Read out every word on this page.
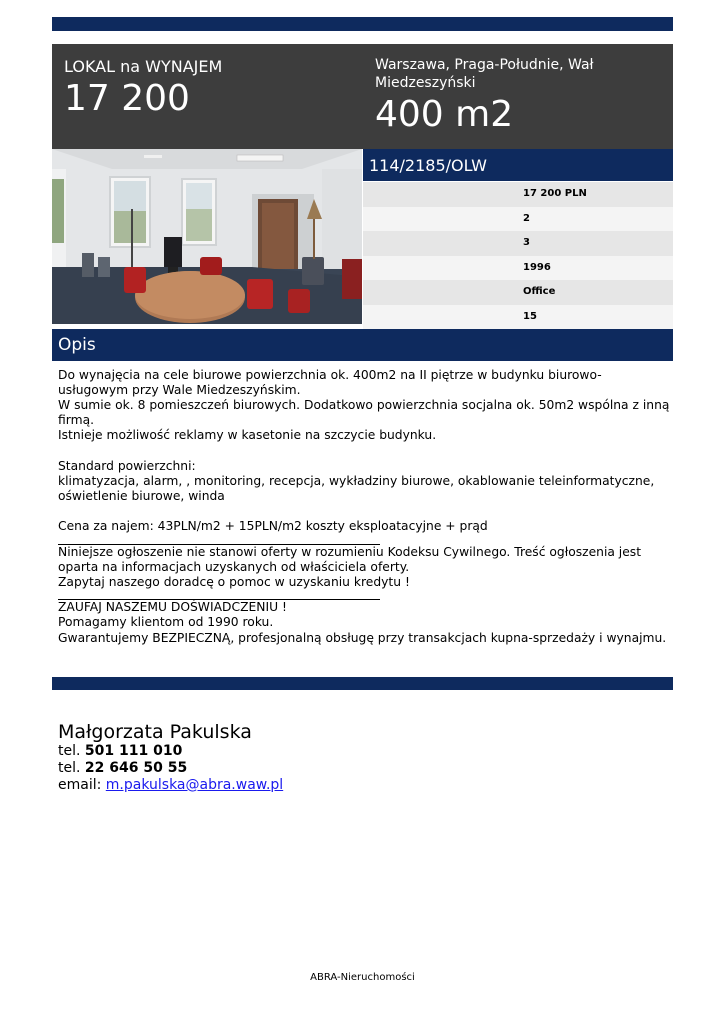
LOKAL na WYNAJEM
17 200
Warszawa, Praga-Południe, Wał Miedzeszyński
400 m2
114/2185/OLW
17 200 PLN
2
3
1996
Office
15
Opis

Do wynajęcia na cele biurowe powierzchnia ok. 400m2 na II piętrze w budynku biurowo-usługowym przy Wale Miedzeszyńskim.

W sumie ok. 8 pomieszczeń biurowych. Dodatkowo powierzchnia socjalna ok. 50m2 wspólna z inną firmą.

Istnieje możliwość reklamy w kasetonie na szczycie budynku.

Standard powierzchni:

klimatyzacja, alarm, , monitoring, recepcja, wykładziny biurowe, okablowanie teleinformatyczne, oświetlenie biurowe, winda

Cena za najem: 43PLN/m2 + 15PLN/m2 koszty eksploatacyjne + prąd

Niniejsze ogłoszenie nie stanowi oferty w rozumieniu Kodeksu Cywilnego. Treść ogłoszenia jest oparta na informacjach uzyskanych od właściciela oferty.

Zapytaj naszego doradcę o pomoc w uzyskaniu kredytu !

ZAUFAJ NASZEMU DOŚWIADCZENIU !

Pomagamy klientom od 1990 roku.

Gwarantujemy BEZPIECZNĄ, profesjonalną obsługę przy transakcjach kupna-sprzedaży i wynajmu.

Małgorzata Pakulska
tel. 501 111 010
tel. 22 646 50 55
email: m.pakulska@abra.waw.pl
ABRA-Nieruchomości
